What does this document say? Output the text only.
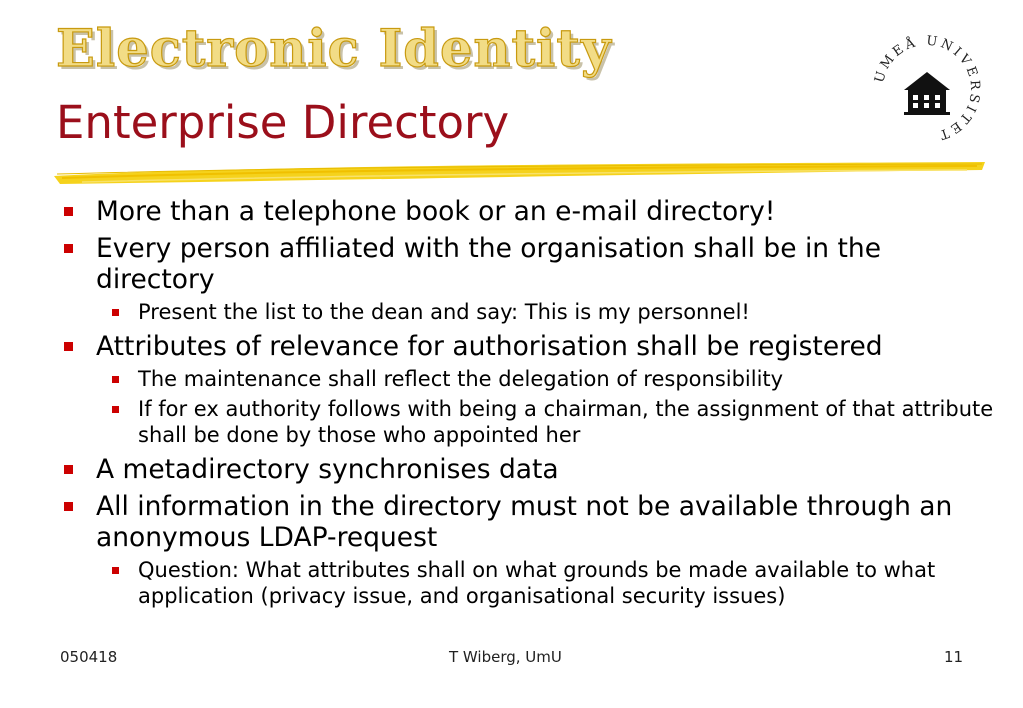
Electronic Identity
Enterprise Directory
UMEÅ UNIVERSITET
More than a telephone book or an e-mail directory!
Every person affiliated with the organisation shall be in the directory
Present the list to the dean and say: This is my personnel!
Attributes of relevance for authorisation shall be registered
The maintenance shall reflect the delegation of responsibility
If for ex authority follows with being a chairman, the assignment of that attribute shall be done by those who appointed her
A metadirectory synchronises data
All information in the directory must not be available through an anonymous LDAP-request
Question: What attributes shall on what grounds be made available to what application (privacy issue, and organisational security issues)
050418	T Wiberg, UmU	11
